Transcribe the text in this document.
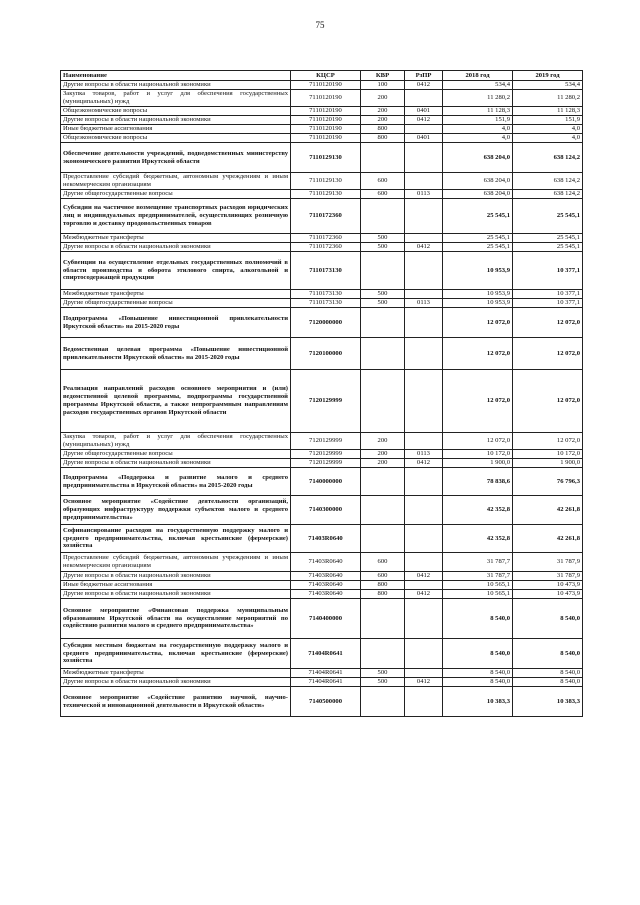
75
Наименование	КЦСР	КВР	РзПР	2018 год	2019 год
Другие вопросы в области национальной экономики	7110120190	100	0412	534,4	534,4
Закупка товаров, работ и услуг для обеспечения государственных (муниципальных) нужд	7110120190	200		11 280,2	11 280,2
Общеэкономические вопросы	7110120190	200	0401	11 128,3	11 128,3
Другие вопросы в области национальной экономики	7110120190	200	0412	151,9	151,9
Иные бюджетные ассигнования	7110120190	800		4,0	4,0
Общеэкономические вопросы	7110120190	800	0401	4,0	4,0
Обеспечение деятельности учреждений, подведомственных министерству экономического развития Иркутской области	7110129130			638 204,0	638 124,2
Предоставление субсидий бюджетным, автономным учреждениям и иным некоммерческим организациям	7110129130	600		638 204,0	638 124,2
Другие общегосударственные вопросы	7110129130	600	0113	638 204,0	638 124,2
Субсидии на частичное возмещение транспортных расходов юридических лиц и индивидуальных предпринимателей, осуществляющих розничную торговлю и доставку продовольственных товаров	7110172360			25 545,1	25 545,1
Межбюджетные трансферты	7110172360	500		25 545,1	25 545,1
Другие вопросы в области национальной экономики	7110172360	500	0412	25 545,1	25 545,1
Субвенции на осуществление отдельных государственных полномочий в области производства и оборота этилового спирта, алкогольной и спиртосодержащей продукции	7110173130			10 953,9	10 377,1
Межбюджетные трансферты	7110173130	500		10 953,9	10 377,1
Другие общегосударственные вопросы	7110173130	500	0113	10 953,9	10 377,1
Подпрограмма «Повышение инвестиционной привлекательности Иркутской области» на 2015-2020 годы	7120000000			12 072,0	12 072,0
Ведомственная целевая программа «Повышение инвестиционной привлекательности Иркутской области» на 2015-2020 годы	7120100000			12 072,0	12 072,0
Реализация направлений расходов основного мероприятия и (или) ведомственной целевой программы, подпрограммы государственной программы Иркутской области, а также непрограммным направлениям расходов государственных органов Иркутской области	7120129999			12 072,0	12 072,0
Закупка товаров, работ и услуг для обеспечения государственных (муниципальных) нужд	7120129999	200		12 072,0	12 072,0
Другие общегосударственные вопросы	7120129999	200	0113	10 172,0	10 172,0
Другие вопросы в области национальной экономики	7120129999	200	0412	1 900,0	1 900,0
Подпрограмма «Поддержка и развитие малого и среднего предпринимательства в Иркутской области» на 2015-2020 годы	7140000000			78 838,6	76 796,3
Основное мероприятие «Содействие деятельности организаций, образующих инфраструктуру поддержки субъектов малого и среднего предпринимательства»	7140300000			42 352,8	42 261,8
Софинансирование расходов на государственную поддержку малого и среднего предпринимательства, включая крестьянские (фермерские) хозяйства	71403R0640			42 352,8	42 261,8
Предоставление субсидий бюджетным, автономным учреждениям и иным некоммерческим организациям	71403R0640	600		31 787,7	31 787,9
Другие вопросы в области национальной экономики	71403R0640	600	0412	31 787,7	31 787,9
Иные бюджетные ассигнования	71403R0640	800		10 565,1	10 473,9
Другие вопросы в области национальной экономики	71403R0640	800	0412	10 565,1	10 473,9
Основное мероприятие «Финансовая поддержка муниципальным образованиям Иркутской области на осуществление мероприятий по содействию развития малого и среднего предпринимательства»	7140400000			8 540,0	8 540,0
Субсидии местным бюджетам на государственную поддержку малого и среднего предпринимательства, включая крестьянские (фермерские) хозяйства	71404R0641			8 540,0	8 540,0
Межбюджетные трансферты	71404R0641	500		8 540,0	8 540,0
Другие вопросы в области национальной экономики	71404R0641	500	0412	8 540,0	8 540,0
Основное мероприятие «Содействие развитию научной, научно-технической и инновационной деятельности в Иркутской области»	7140500000			10 383,3	10 383,3
